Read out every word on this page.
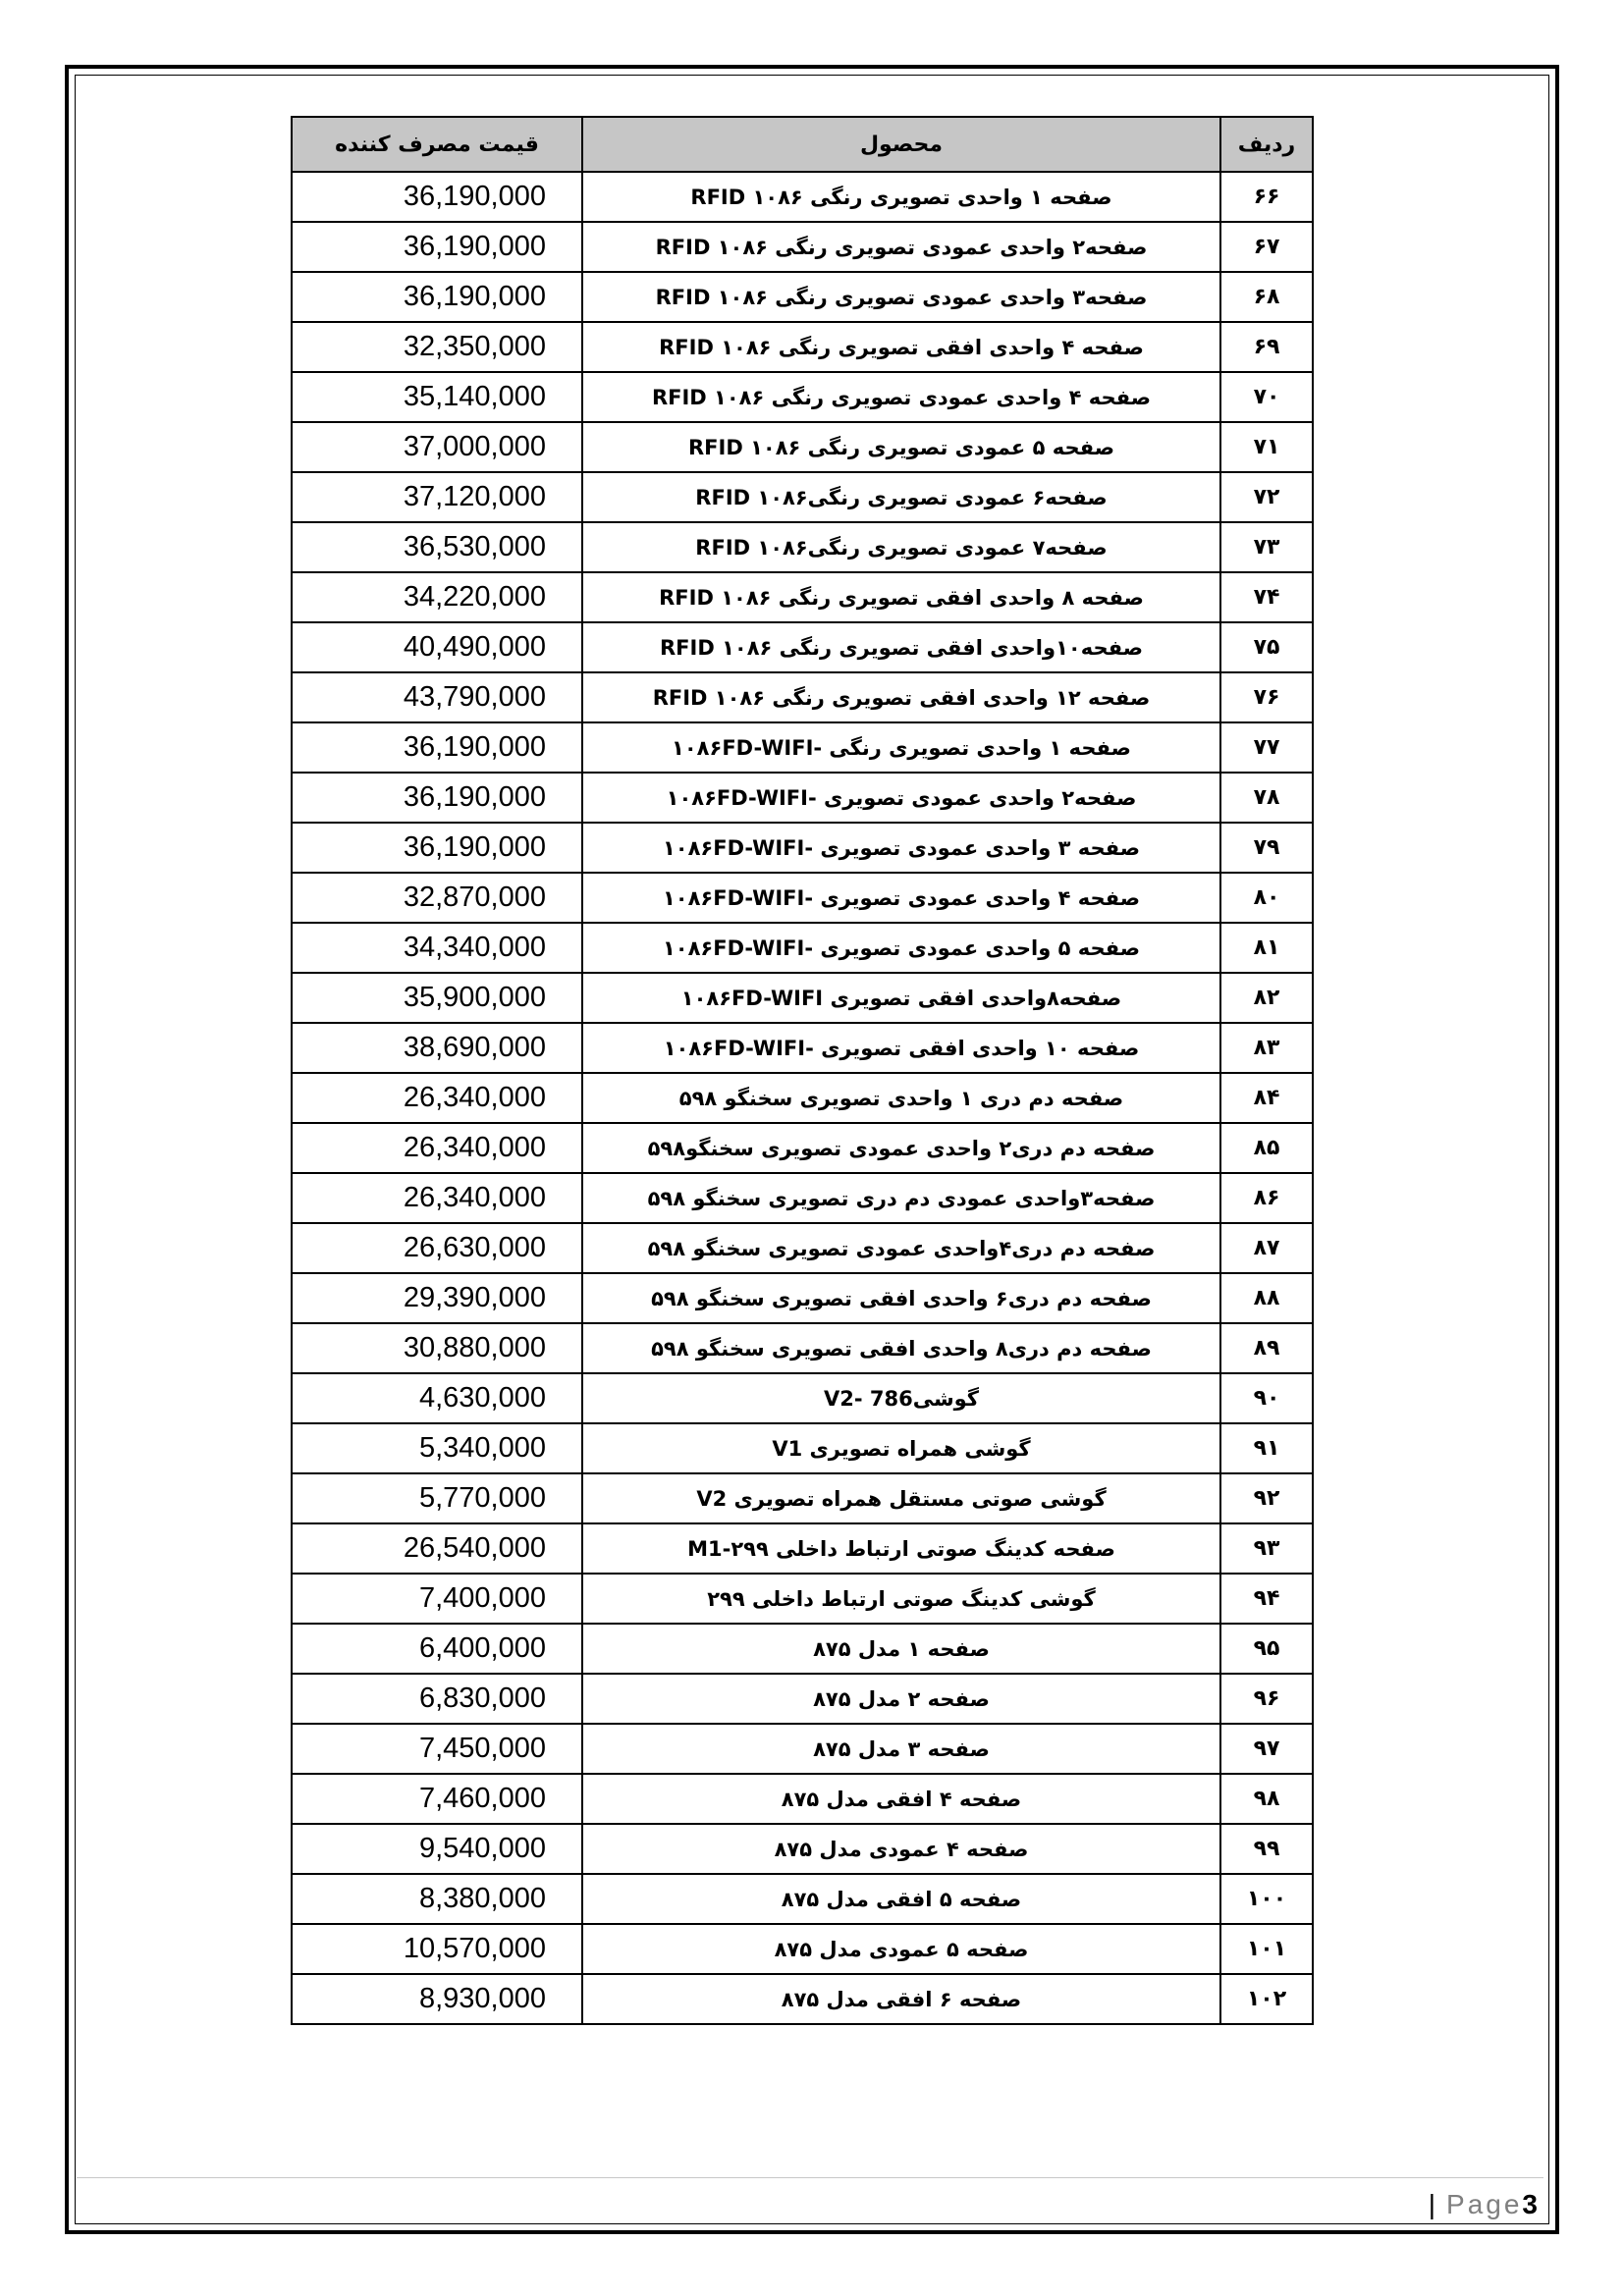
ردیف	محصول	قیمت مصرف کننده
۶۶	صفحه ۱ واحدی تصویری رنگی ۱۰۸۶ RFID	36,190,000
۶۷	صفحه۲ واحدی عمودی تصویری رنگی ۱۰۸۶ RFID	36,190,000
۶۸	صفحه۳ واحدی عمودی تصویری رنگی ۱۰۸۶ RFID	36,190,000
۶۹	صفحه ۴ واحدی افقی تصویری رنگی ۱۰۸۶ RFID	32,350,000
۷۰	صفحه ۴ واحدی عمودی تصویری رنگی ۱۰۸۶ RFID	35,140,000
۷۱	صفحه ۵ عمودی تصویری رنگی ۱۰۸۶ RFID	37,000,000
۷۲	صفحه۶ عمودی تصویری رنگی۱۰۸۶ RFID	37,120,000
۷۳	صفحه۷ عمودی تصویری رنگی۱۰۸۶ RFID	36,530,000
۷۴	صفحه ۸ واحدی افقی تصویری رنگی ۱۰۸۶ RFID	34,220,000
۷۵	صفحه۱۰واحدی افقی تصویری رنگی ۱۰۸۶ RFID	40,490,000
۷۶	صفحه ۱۲ واحدی افقی تصویری رنگی ۱۰۸۶ RFID	43,790,000
۷۷	صفحه ۱ واحدی تصویری رنگی -۱۰۸۶FD-WIFI	36,190,000
۷۸	صفحه۲ واحدی عمودی تصویری -۱۰۸۶FD-WIFI	36,190,000
۷۹	صفحه ۳ واحدی عمودی تصویری -۱۰۸۶FD-WIFI	36,190,000
۸۰	صفحه ۴ واحدی عمودی تصویری -۱۰۸۶FD-WIFI	32,870,000
۸۱	صفحه ۵ واحدی عمودی تصویری -۱۰۸۶FD-WIFI	34,340,000
۸۲	صفحه۸واحدی افقی تصویری ۱۰۸۶FD-WIFI	35,900,000
۸۳	صفحه ۱۰ واحدی افقی تصویری -۱۰۸۶FD-WIFI	38,690,000
۸۴	صفحه دم دری ۱ واحدی تصویری سخنگو ۵۹۸	26,340,000
۸۵	صفحه دم دری۲ واحدی عمودی تصویری سخنگو۵۹۸	26,340,000
۸۶	صفحه۳واحدی عمودی دم دری تصویری سخنگو ۵۹۸	26,340,000
۸۷	صفحه دم دری۴واحدی عمودی تصویری سخنگو ۵۹۸	26,630,000
۸۸	صفحه دم دری۶ واحدی افقی تصویری سخنگو ۵۹۸	29,390,000
۸۹	صفحه دم دری۸ واحدی افقی تصویری سخنگو ۵۹۸	30,880,000
۹۰	گوشی786 -V2	4,630,000
۹۱	گوشی همراه تصویری V1	5,340,000
۹۲	گوشی صوتی مستقل همراه تصویری V2	5,770,000
۹۳	صفحه کدینگ صوتی ارتباط داخلی ۲۹۹-M1	26,540,000
۹۴	گوشی کدینگ صوتی ارتباط داخلی ۲۹۹	7,400,000
۹۵	صفحه ۱ مدل ۸۷۵	6,400,000
۹۶	صفحه ۲ مدل ۸۷۵	6,830,000
۹۷	صفحه ۳ مدل ۸۷۵	7,450,000
۹۸	صفحه ۴ افقی مدل ۸۷۵	7,460,000
۹۹	صفحه ۴ عمودی مدل ۸۷۵	9,540,000
۱۰۰	صفحه ۵ افقی مدل ۸۷۵	8,380,000
۱۰۱	صفحه ۵ عمودی مدل ۸۷۵	10,570,000
۱۰۲	صفحه ۶ افقی مدل ۸۷۵	8,930,000
| Page3
